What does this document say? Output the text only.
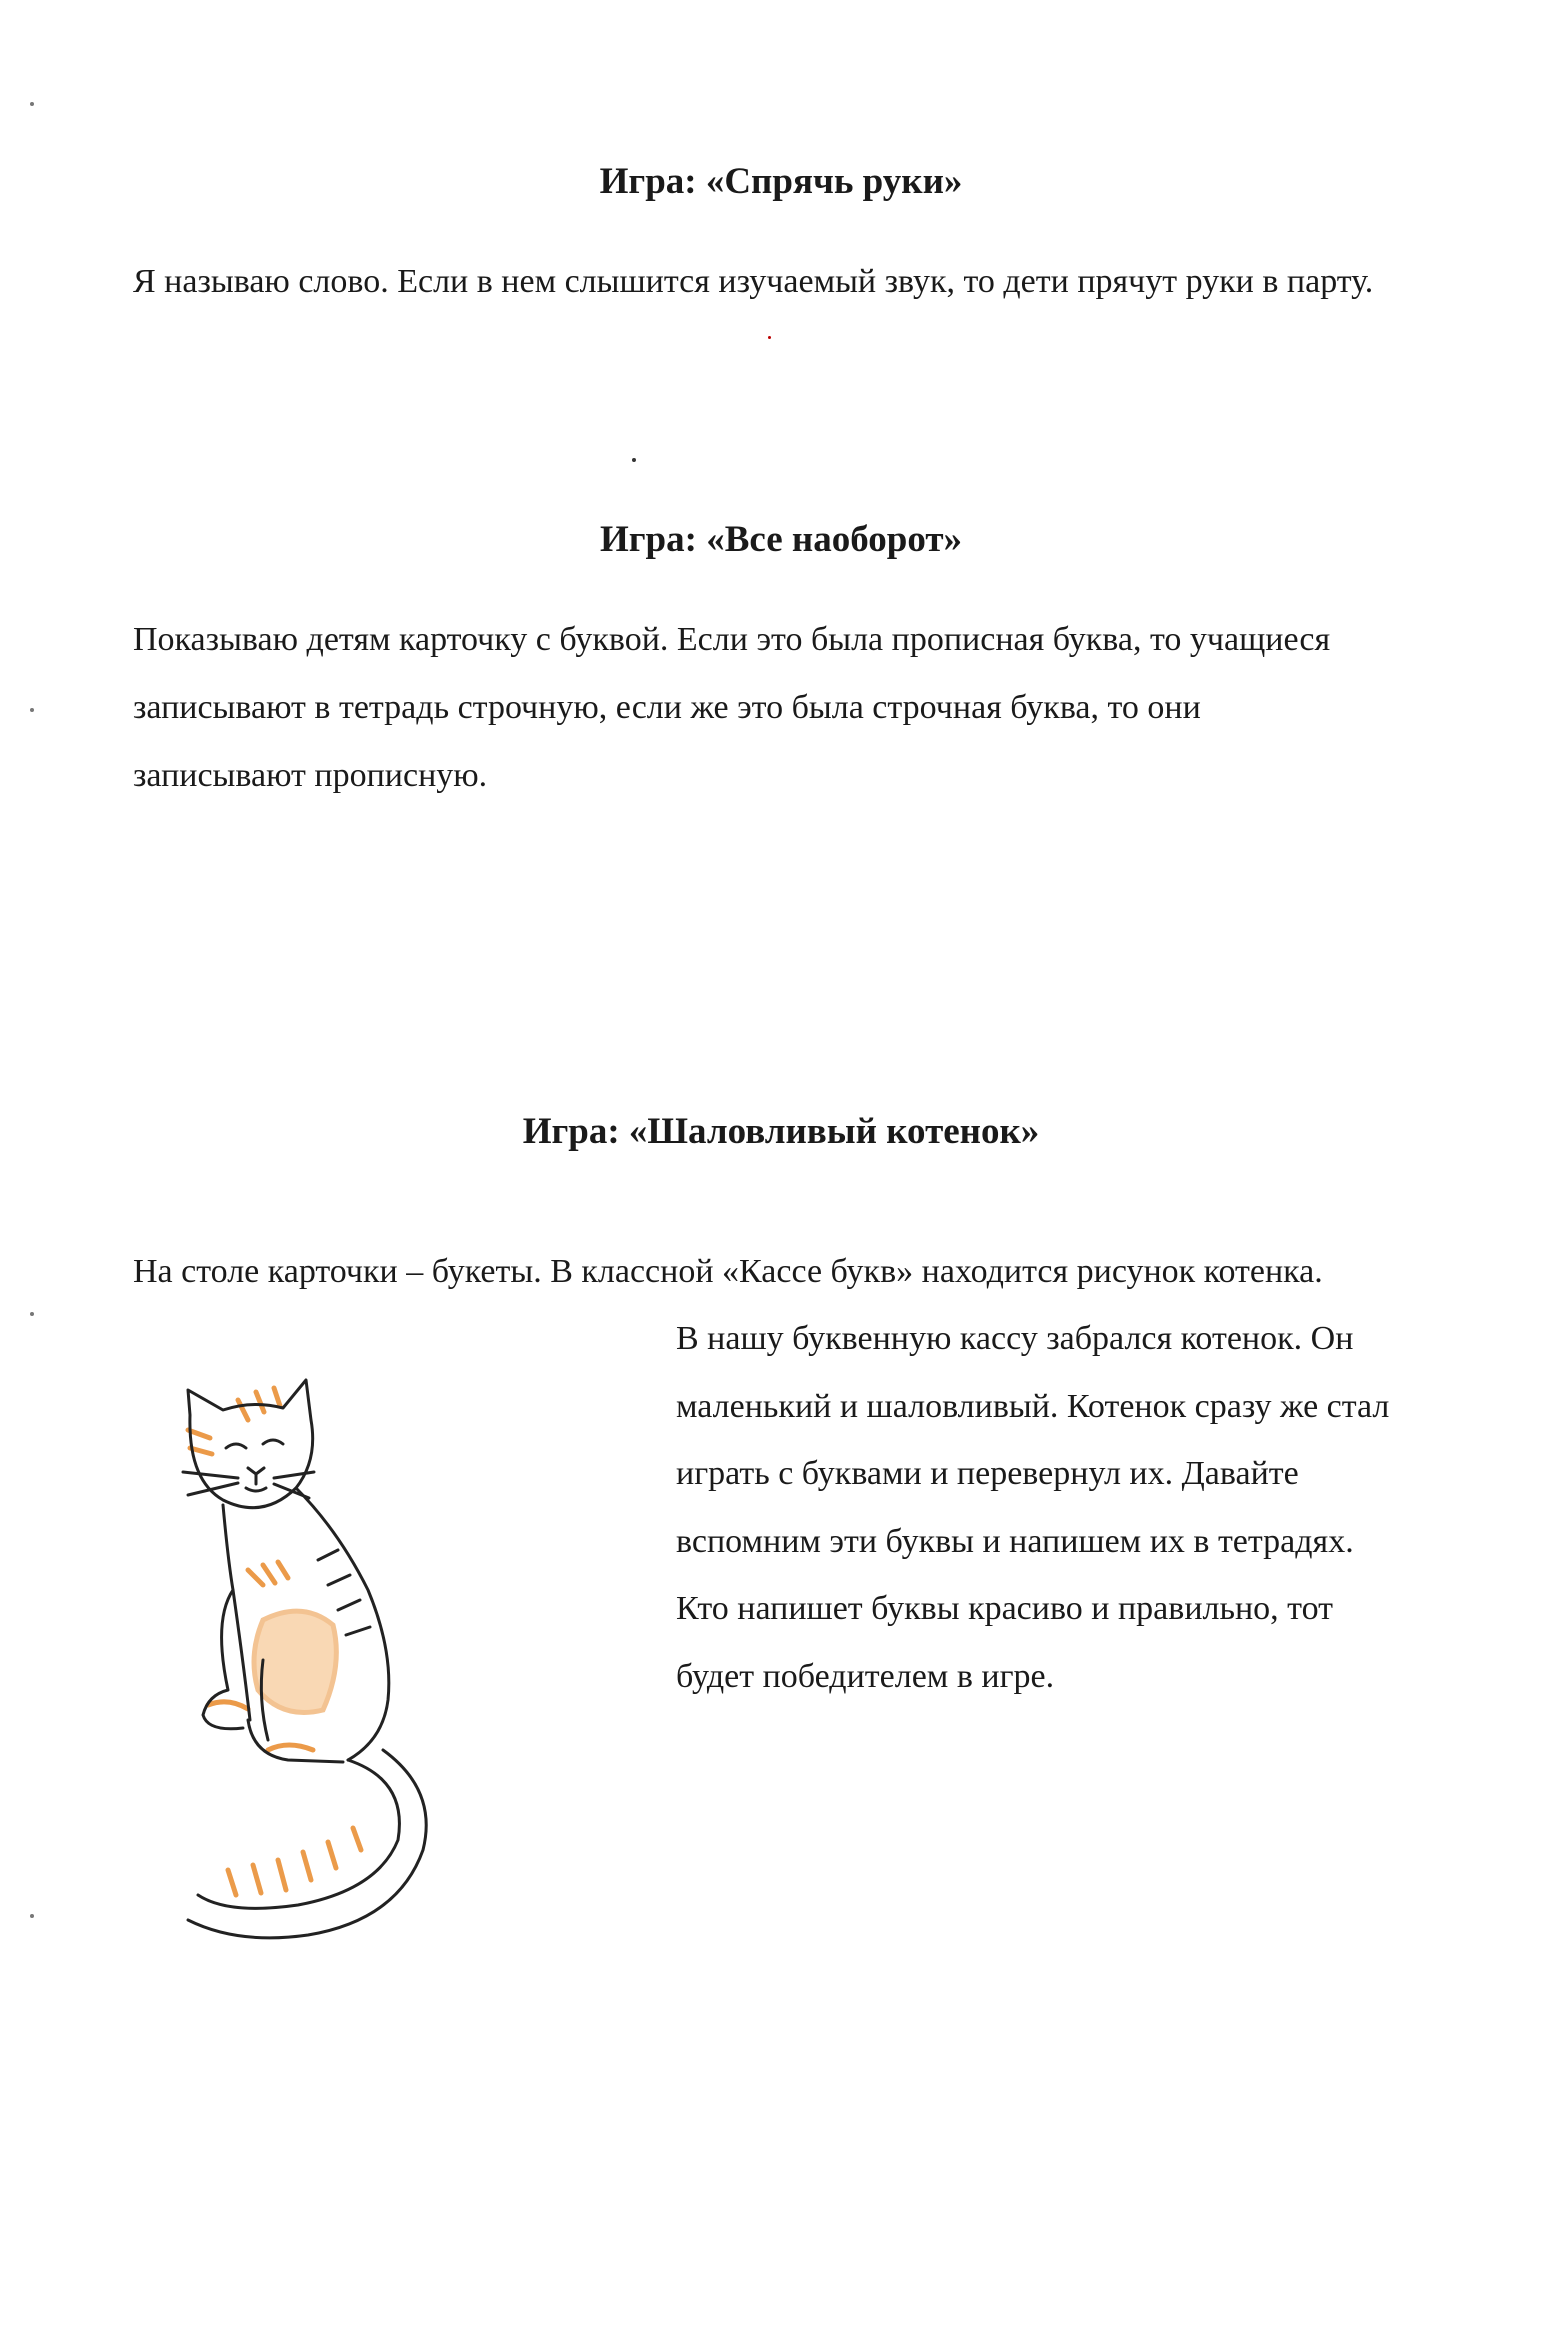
Игра: «Спрячь руки»

Я называю слово. Если в нем слышится изучаемый звук, то дети прячут руки в парту.

Игра: «Все наоборот»

Показываю детям карточку с буквой. Если это была прописная буква, то учащиеся
записывают в тетрадь строчную, если же это была строчная буква, то они
записывают прописную.

Игра: «Шаловливый котенок»

На столе карточки – букеты. В классной «Кассе букв» находится рисунок котенка.

В нашу буквенную кассу забрался котенок. Он
маленький и шаловливый. Котенок сразу же стал
играть с буквами и перевернул их. Давайте
вспомним эти буквы и напишем их в тетрадях.
Кто напишет буквы красиво и правильно, тот
будет победителем в игре.
